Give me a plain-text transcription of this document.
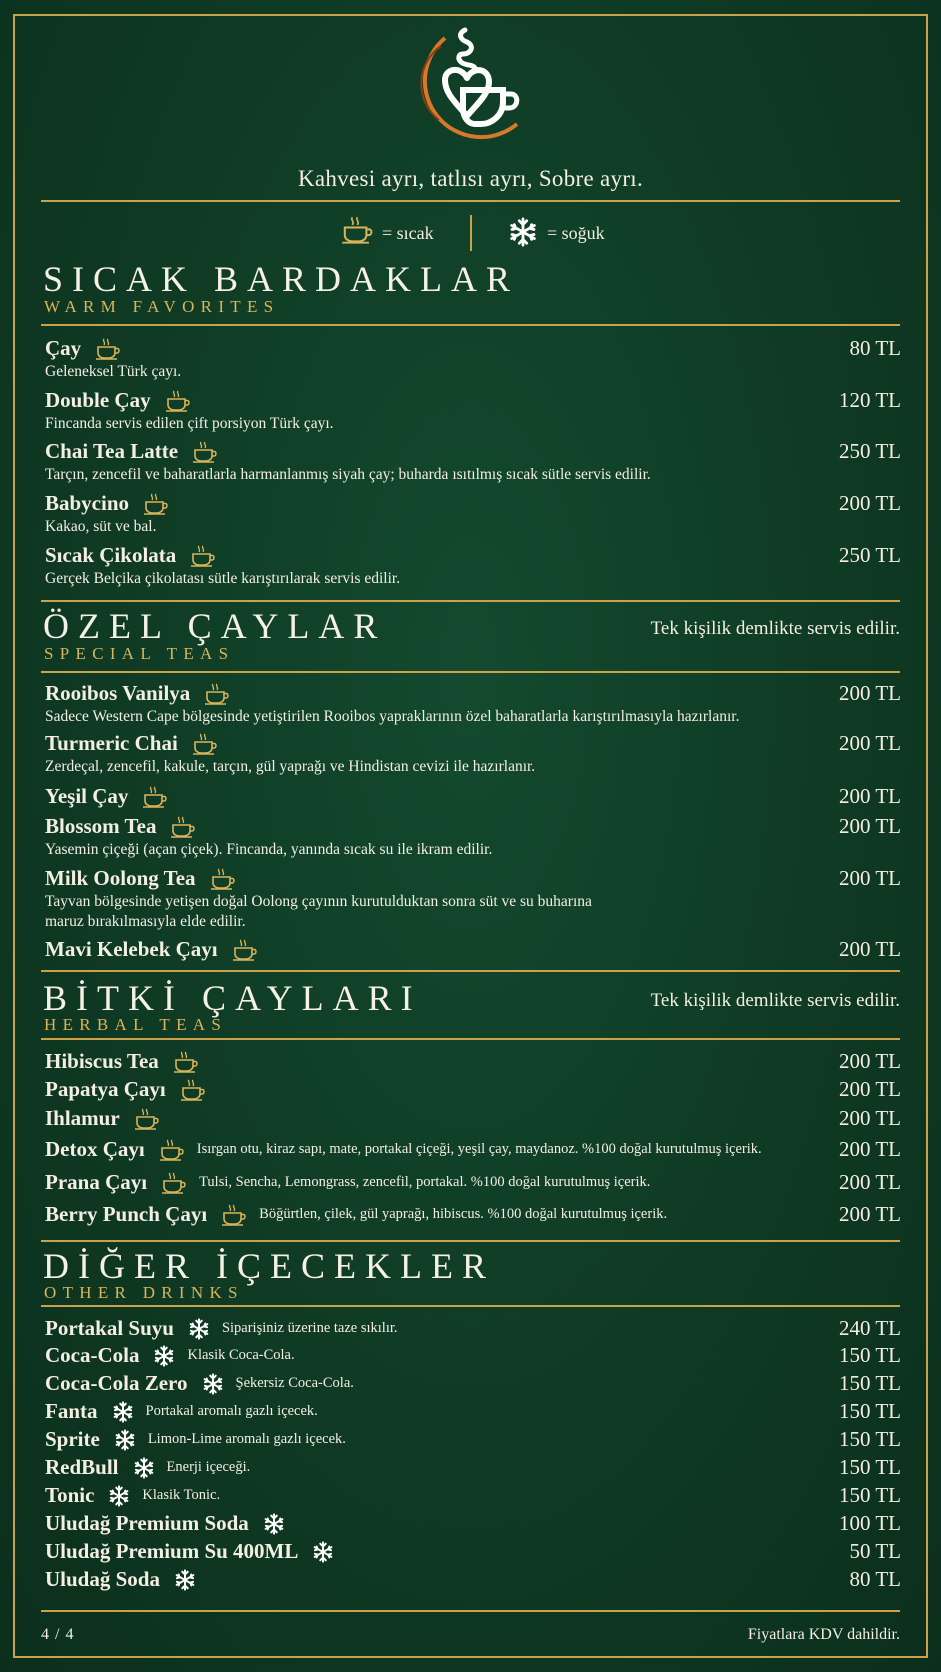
Kahvesi ayrı, tatlısı ayrı, Sobre ayrı.
= sıcak	= soğuk
SICAK BARDAKLAR
WARM FAVORITES
Çay	80 TL
Geleneksel Türk çayı.
Double Çay	120 TL
Fincanda servis edilen çift porsiyon Türk çayı.
Chai Tea Latte	250 TL
Tarçın, zencefil ve baharatlarla harmanlanmış siyah çay; buharda ısıtılmış sıcak sütle servis edilir.
Babycino	200 TL
Kakao, süt ve bal.
Sıcak Çikolata	250 TL
Gerçek Belçika çikolatası sütle karıştırılarak servis edilir.
ÖZEL ÇAYLAR
SPECIAL TEAS
Tek kişilik demlikte servis edilir.
Rooibos Vanilya	200 TL
Sadece Western Cape bölgesinde yetiştirilen Rooibos yapraklarının özel baharatlarla karıştırılmasıyla hazırlanır.
Turmeric Chai	200 TL
Zerdeçal, zencefil, kakule, tarçın, gül yaprağı ve Hindistan cevizi ile hazırlanır.
Yeşil Çay	200 TL
Blossom Tea	200 TL
Yasemin çiçeği (açan çiçek). Fincanda, yanında sıcak su ile ikram edilir.
Milk Oolong Tea	200 TL
Tayvan bölgesinde yetişen doğal Oolong çayının kurutulduktan sonra süt ve su buharına
maruz bırakılmasıyla elde edilir.
Mavi Kelebek Çayı	200 TL
BİTKİ ÇAYLARI
HERBAL TEAS
Tek kişilik demlikte servis edilir.
Hibiscus Tea	200 TL
Papatya Çayı	200 TL
Ihlamur	200 TL
Detox Çayı	Isırgan otu, kiraz sapı, mate, portakal çiçeği, yeşil çay, maydanoz. %100 doğal kurutulmuş içerik.	200 TL
Prana Çayı	Tulsi, Sencha, Lemongrass, zencefil, portakal. %100 doğal kurutulmuş içerik.	200 TL
Berry Punch Çayı	Böğürtlen, çilek, gül yaprağı, hibiscus. %100 doğal kurutulmuş içerik.	200 TL
DİĞER İÇECEKLER
OTHER DRINKS
Portakal Suyu	Siparişiniz üzerine taze sıkılır.	240 TL
Coca-Cola	Klasik Coca-Cola.	150 TL
Coca-Cola Zero	Şekersiz Coca-Cola.	150 TL
Fanta	Portakal aromalı gazlı içecek.	150 TL
Sprite	Limon-Lime aromalı gazlı içecek.	150 TL
RedBull	Enerji içeceği.	150 TL
Tonic	Klasik Tonic.	150 TL
Uludağ Premium Soda	100 TL
Uludağ Premium Su 400ML	50 TL
Uludağ Soda	80 TL
4 / 4	Fiyatlara KDV dahildir.
